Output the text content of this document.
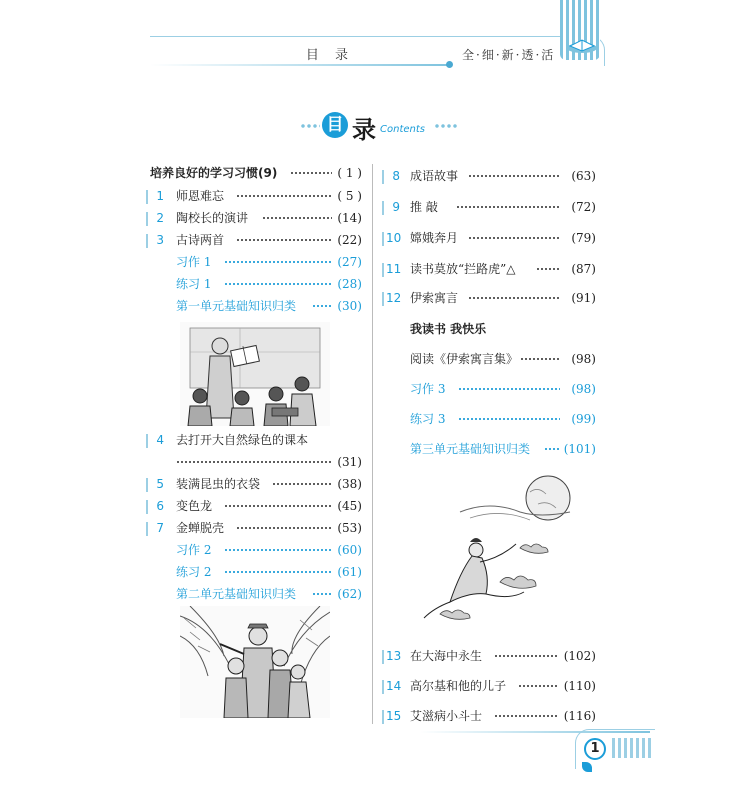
目 录	全·细·新·透·活
目 录 Contents
培养良好的学习习惯(9)	( 1 )
1 师恩难忘	( 5 )
2 陶校长的演讲	(14)
3 古诗两首	(22)
习作 1	(27)
练习 1	(28)
第一单元基础知识归类	(30)
4 去打开大自然绿色的课本
(31)
5 装满昆虫的衣袋	(38)
6 变色龙	(45)
7 金蝉脱壳	(53)
习作 2	(60)
练习 2	(61)
第二单元基础知识归类	(62)
8 成语故事	(63)
9 推 敲	(72)
10 嫦娥奔月	(79)
11 读书莫放“拦路虎”△	(87)
12 伊索寓言	(91)
我读书 我快乐
阅读《伊索寓言集》	(98)
习作 3	(98)
练习 3	(99)
第三单元基础知识归类	(101)
13 在大海中永生	(102)
14 高尔基和他的儿子	(110)
15 艾滋病小斗士	(116)
1
